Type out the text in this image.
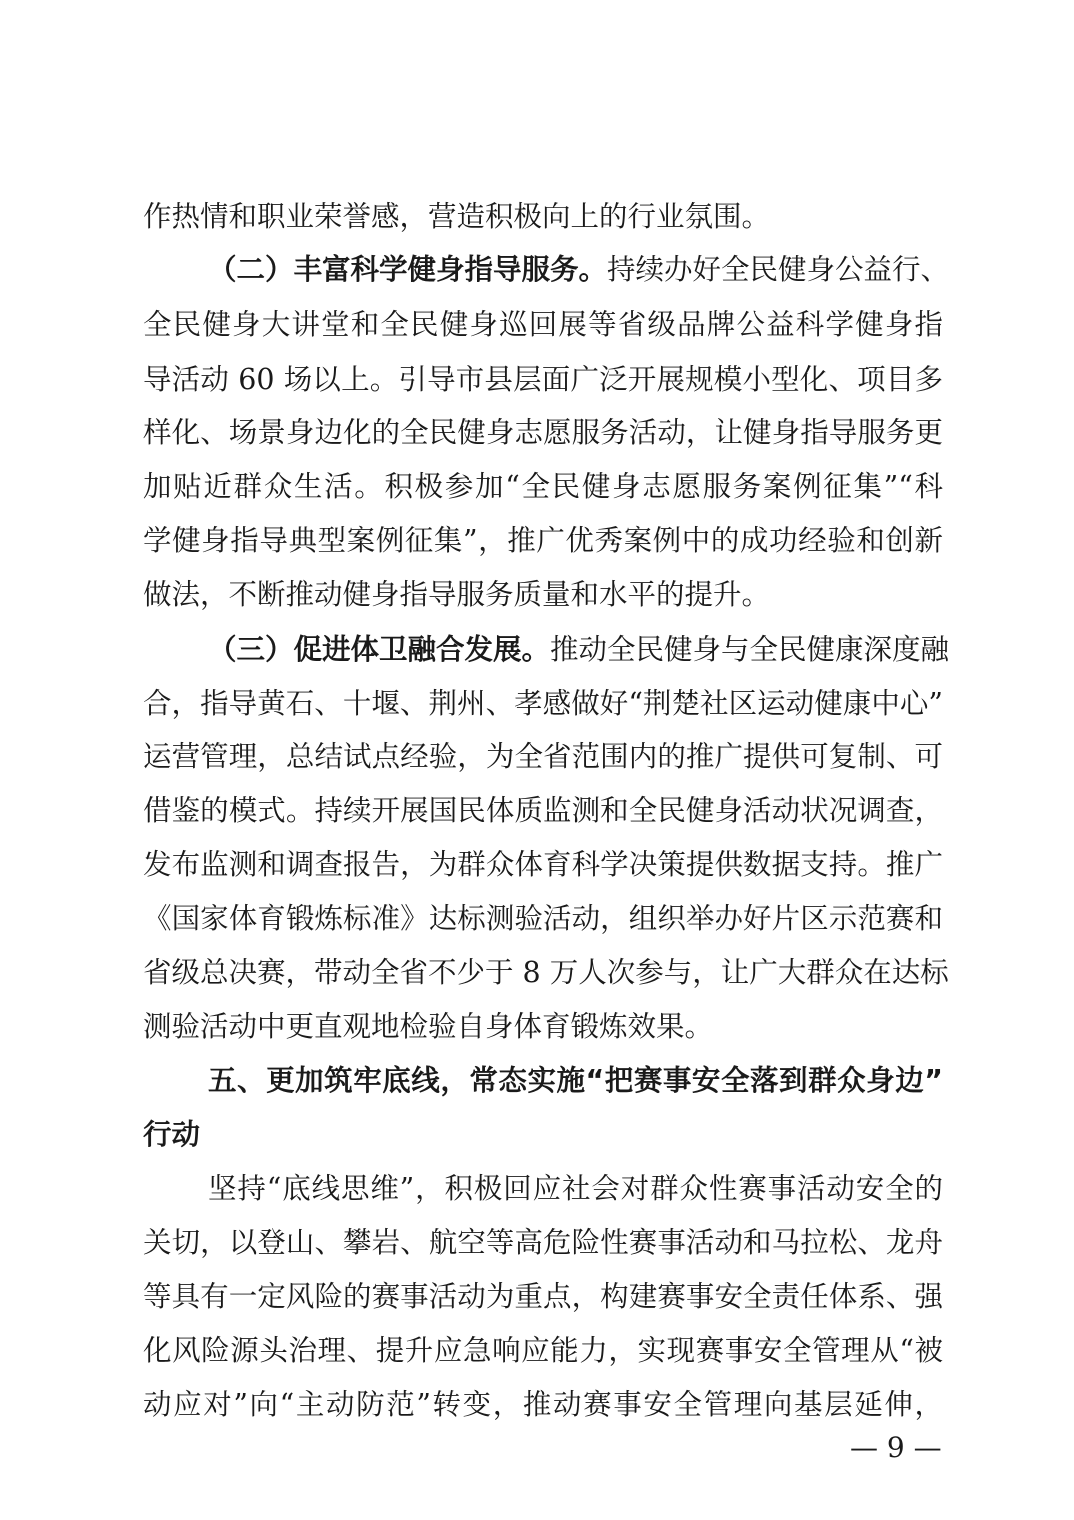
作热情和职业荣誉感，营造积极向上的行业氛围。
（二）丰富科学健身指导服务。持续办好全民健身公益行、
全民健身大讲堂和全民健身巡回展等省级品牌公益科学健身指
导活动 60 场以上。引导市县层面广泛开展规模小型化、项目多
样化、场景身边化的全民健身志愿服务活动，让健身指导服务更
加贴近群众生活。积极参加“全民健身志愿服务案例征集”“科
学健身指导典型案例征集”，推广优秀案例中的成功经验和创新
做法，不断推动健身指导服务质量和水平的提升。
（三）促进体卫融合发展。推动全民健身与全民健康深度融
合，指导黄石、十堰、荆州、孝感做好“荆楚社区运动健康中心”
运营管理，总结试点经验，为全省范围内的推广提供可复制、可
借鉴的模式。持续开展国民体质监测和全民健身活动状况调查，
发布监测和调查报告，为群众体育科学决策提供数据支持。推广
《国家体育锻炼标准》达标测验活动，组织举办好片区示范赛和
省级总决赛，带动全省不少于 8 万人次参与，让广大群众在达标
测验活动中更直观地检验自身体育锻炼效果。
五、更加筑牢底线，常态实施“把赛事安全落到群众身边”
行动
坚持“底线思维”，积极回应社会对群众性赛事活动安全的
关切，以登山、攀岩、航空等高危险性赛事活动和马拉松、龙舟
等具有一定风险的赛事活动为重点，构建赛事安全责任体系、强
化风险源头治理、提升应急响应能力，实现赛事安全管理从“被
动应对”向“主动防范”转变，推动赛事安全管理向基层延伸，
— 9 —
